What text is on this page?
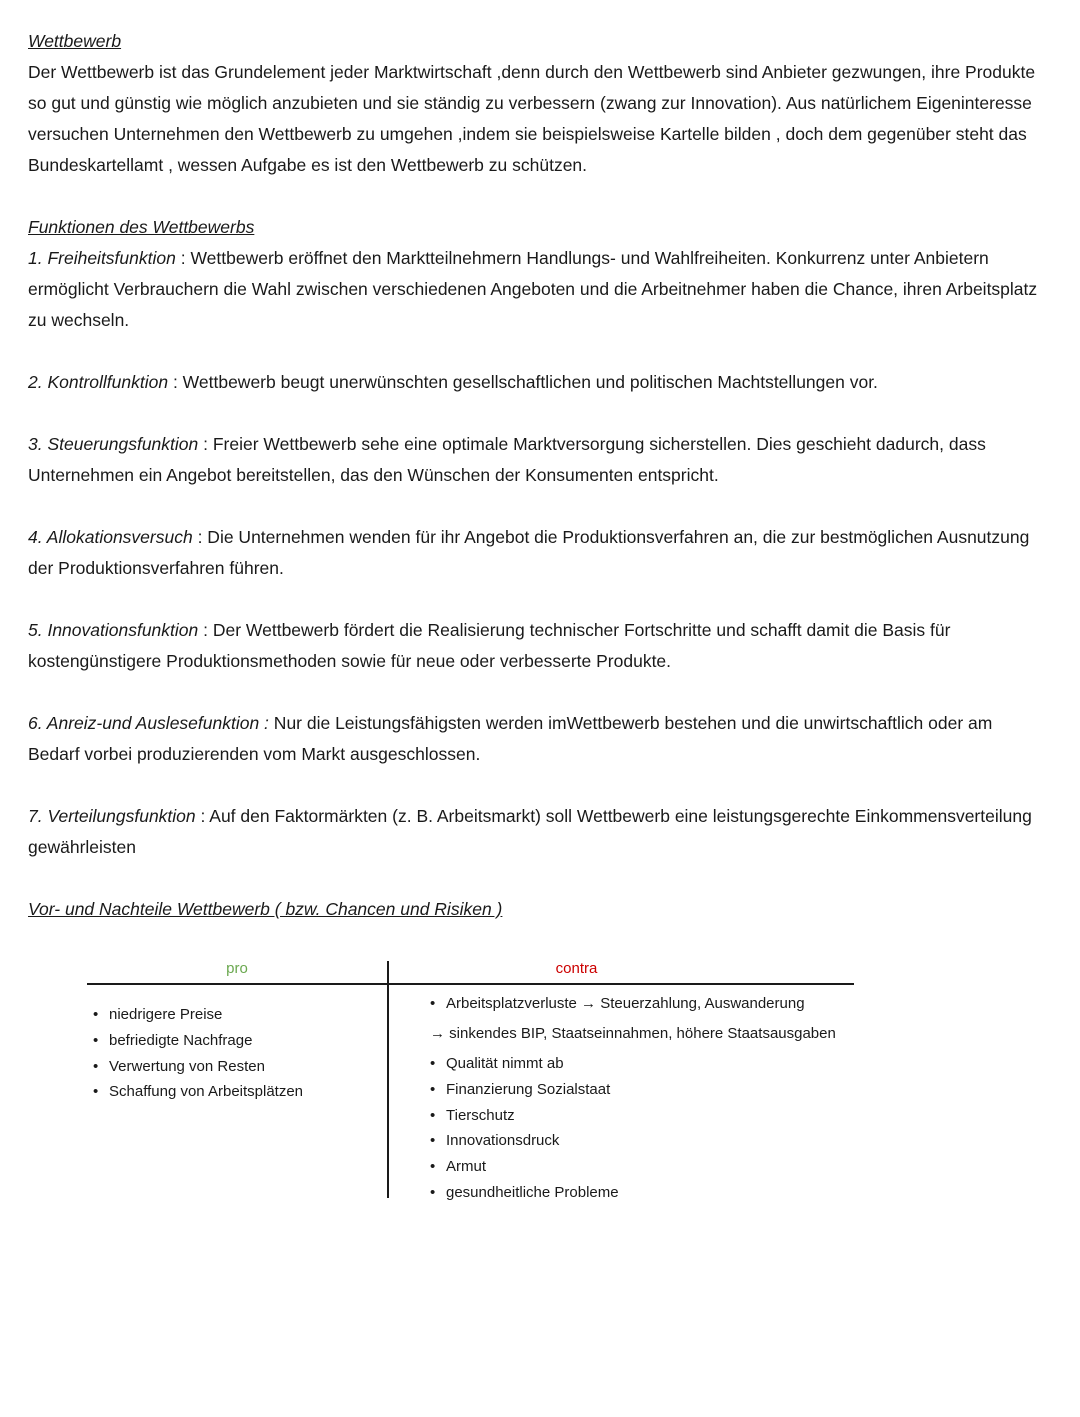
Wettbewerb

Der Wettbewerb ist das Grundelement jeder Marktwirtschaft ,denn durch den Wettbewerb sind Anbieter gezwungen, ihre Produkte so gut und günstig wie möglich anzubieten und sie ständig zu verbessern (zwang zur Innovation). Aus natürlichem Eigeninteresse versuchen Unternehmen den Wettbewerb zu umgehen ,indem sie beispielsweise Kartelle bilden , doch dem gegenüber steht das Bundeskartellamt , wessen Aufgabe es ist den Wettbewerb zu schützen.

Funktionen des Wettbewerbs

1. Freiheitsfunktion : Wettbewerb eröffnet den Marktteilnehmern Handlungs- und Wahlfreiheiten. Konkurrenz unter Anbietern ermöglicht Verbrauchern die Wahl zwischen verschiedenen Angeboten und die Arbeitnehmer haben die Chance, ihren Arbeitsplatz zu wechseln.

2. Kontrollfunktion : Wettbewerb beugt unerwünschten gesellschaftlichen und politischen Machtstellungen vor.

3. Steuerungsfunktion : Freier Wettbewerb sehe eine optimale Marktversorgung sicherstellen. Dies geschieht dadurch, dass Unternehmen ein Angebot bereitstellen, das den Wünschen der Konsumenten entspricht.

4. Allokationsversuch : Die Unternehmen wenden für ihr Angebot die Produktionsverfahren an, die zur bestmöglichen Ausnutzung der Produktionsverfahren führen.

5. Innovationsfunktion : Der Wettbewerb fördert die Realisierung technischer Fortschritte und schafft damit die Basis für kostengünstigere Produktionsmethoden sowie für neue oder verbesserte Produkte.

6. Anreiz-und Auslesefunktion : Nur die Leistungsfähigsten werden imWettbewerb bestehen und die unwirtschaftlich oder am Bedarf vorbei produzierenden vom Markt ausgeschlossen.

7. Verteilungsfunktion : Auf den Faktormärkten (z. B. Arbeitsmarkt) soll Wettbewerb eine leistungsgerechte Einkommensverteilung gewährleisten

Vor- und Nachteile Wettbewerb ( bzw. Chancen und Risiken )
pro	contra
• niedrigere Preise
• befriedigte Nachfrage
• Verwertung von Resten
• Schaffung von Arbeitsplätzen
• Arbeitsplatzverluste → Steuerzahlung, Auswanderung
→ sinkendes BIP, Staatseinnahmen, höhere Staatsausgaben
• Qualität nimmt ab
• Finanzierung Sozialstaat
• Tierschutz
• Innovationsdruck
• Armut
• gesundheitliche Probleme
